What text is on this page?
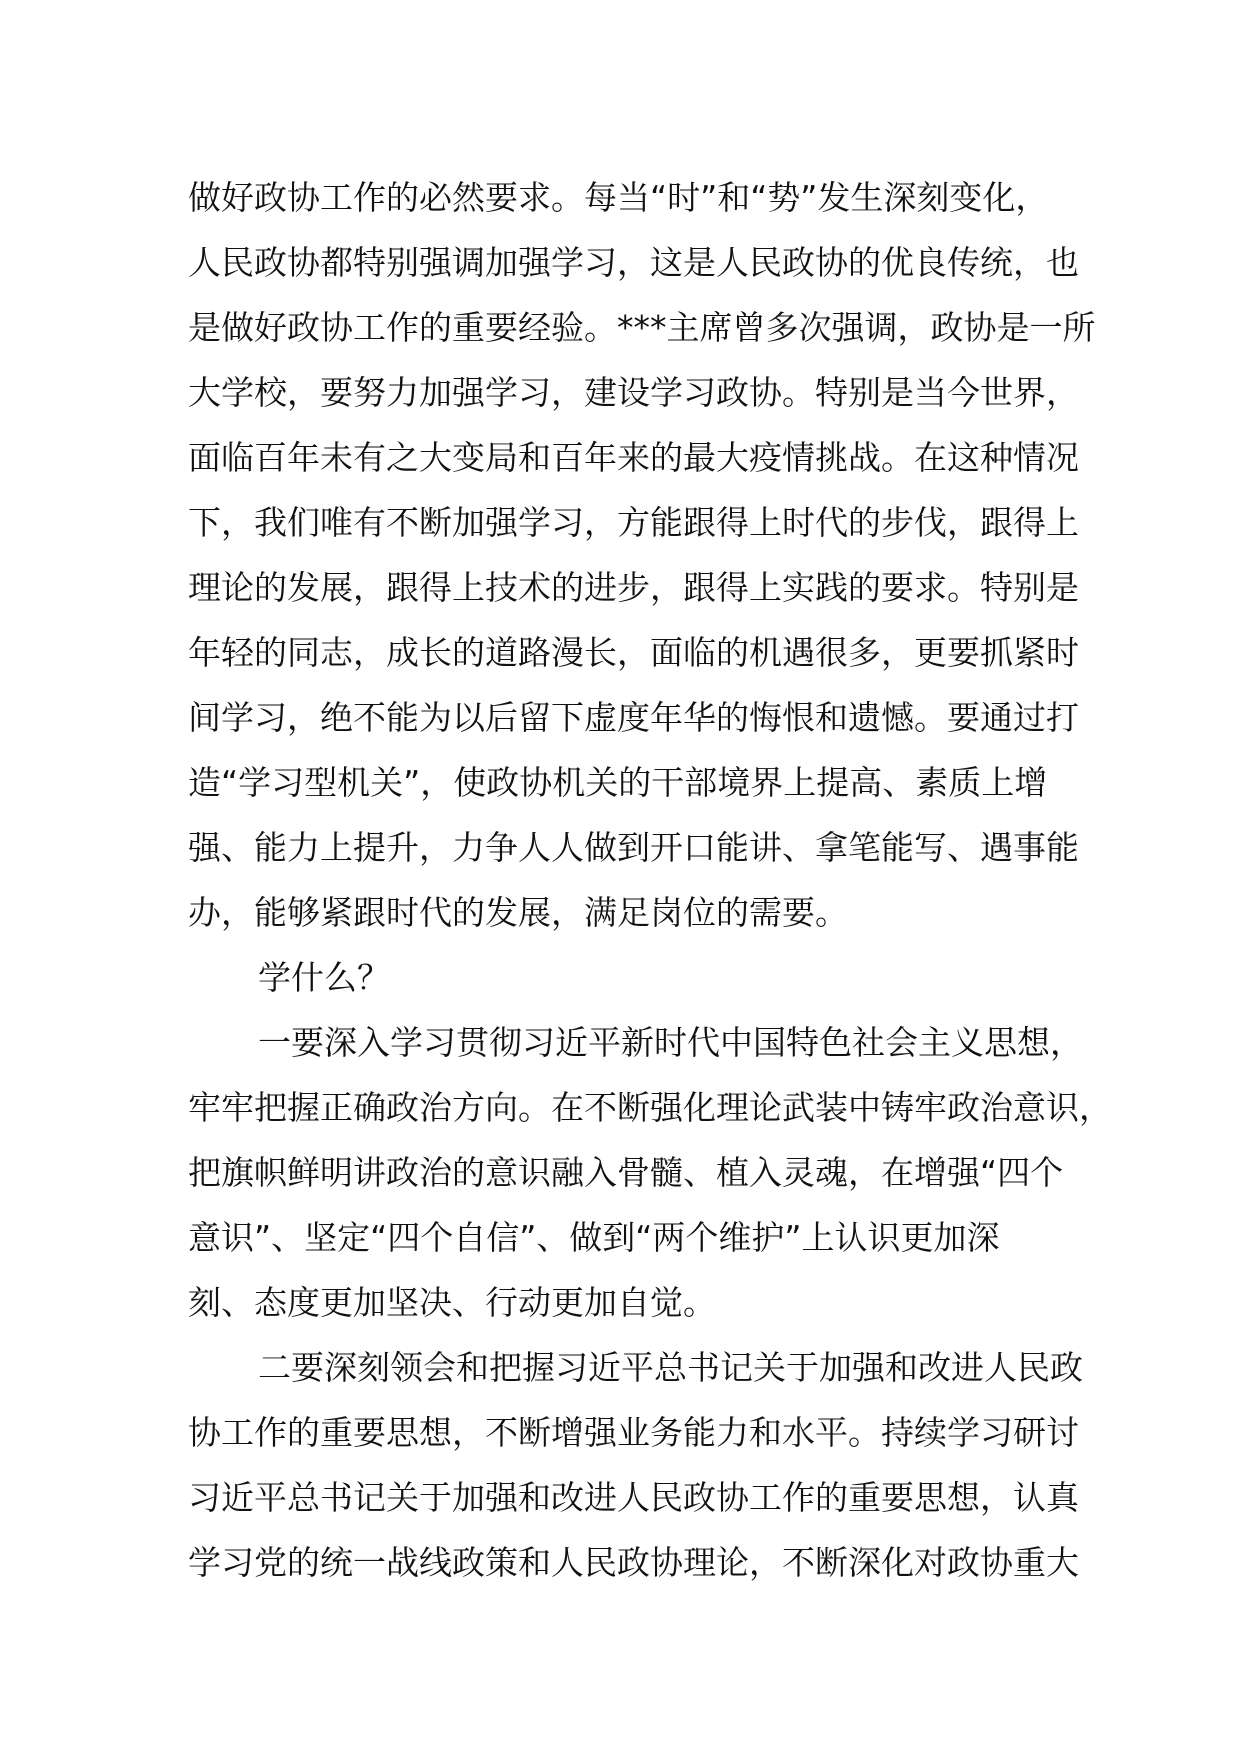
做好政协工作的必然要求。每当“时”和“势”发生深刻变化，
人民政协都特别强调加强学习，这是人民政协的优良传统，也
是做好政协工作的重要经验。***主席曾多次强调，政协是一所
大学校，要努力加强学习，建设学习政协。特别是当今世界，
面临百年未有之大变局和百年来的最大疫情挑战。在这种情况
下，我们唯有不断加强学习，方能跟得上时代的步伐，跟得上
理论的发展，跟得上技术的进步，跟得上实践的要求。特别是
年轻的同志，成长的道路漫长，面临的机遇很多，更要抓紧时
间学习，绝不能为以后留下虚度年华的悔恨和遗憾。要通过打
造“学习型机关”，使政协机关的干部境界上提高、素质上增
强、能力上提升，力争人人做到开口能讲、拿笔能写、遇事能
办，能够紧跟时代的发展，满足岗位的需要。
学什么？
一要深入学习贯彻习近平新时代中国特色社会主义思想，
牢牢把握正确政治方向。在不断强化理论武装中铸牢政治意识，
把旗帜鲜明讲政治的意识融入骨髓、植入灵魂，在增强“四个
意识”、坚定“四个自信”、做到“两个维护”上认识更加深
刻、态度更加坚决、行动更加自觉。
二要深刻领会和把握习近平总书记关于加强和改进人民政
协工作的重要思想，不断增强业务能力和水平。持续学习研讨
习近平总书记关于加强和改进人民政协工作的重要思想，认真
学习党的统一战线政策和人民政协理论，不断深化对政协重大
